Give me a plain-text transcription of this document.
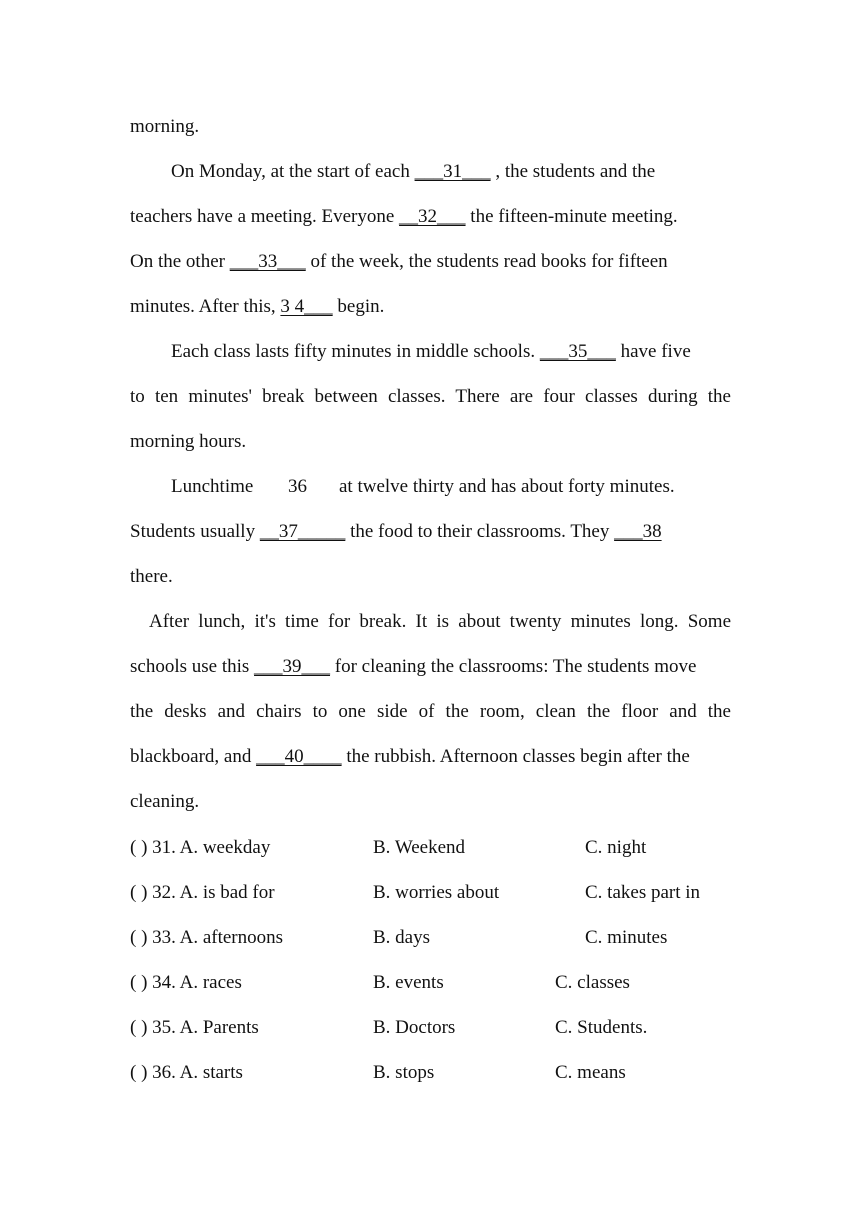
morning.
On Monday, at the start of each ___31___ , the students and the
teachers have a meeting. Everyone __32___ the fifteen-minute meeting.
On the other ___33___ of the week, the students read books for fifteen
minutes. After this, 3 4___ begin.
Each class lasts fifty minutes in middle schools. ___35___ have five
to ten minutes' break between classes. There are four classes during the
morning hours.
Lunchtime 36 at twelve thirty and has about forty minutes.
Students usually __37_____ the food to their classrooms. They ___38
there.
After lunch, it's time for break. It is about twenty minutes long. Some
schools use this ___39___ for cleaning the classrooms: The students move
the desks and chairs to one side of the room, clean the floor and the
blackboard, and ___40____ the rubbish. Afternoon classes begin after the
cleaning.
( ) 31. A. weekday	B. Weekend	C. night
( ) 32. A. is bad for	B. worries about	C. takes part in
( ) 33. A. afternoons	B. days	C. minutes
( ) 34. A. races	B. events	C. classes
( ) 35. A. Parents	B. Doctors	C. Students.
( ) 36. A. starts	B. stops	C. means
